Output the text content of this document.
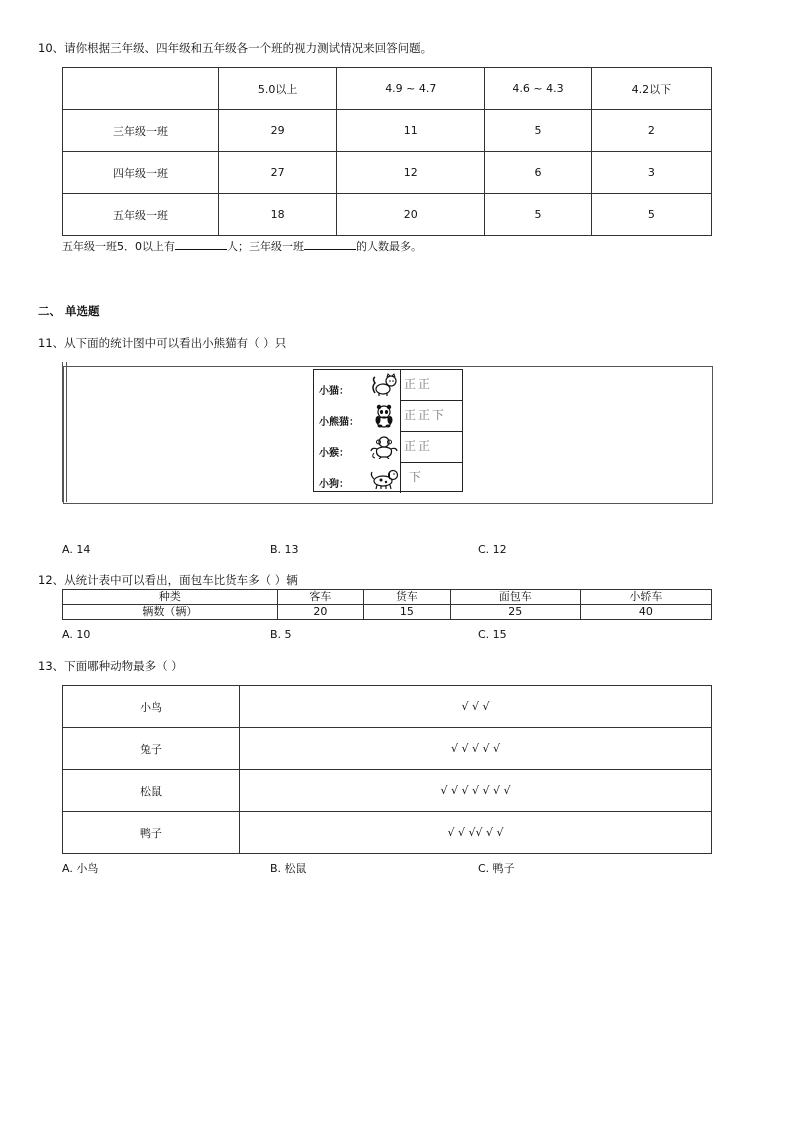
10、请你根据三年级、四年级和五年级各一个班的视力测试情况来回答问题。
	5.0以上	4.9 ~ 4.7	4.6 ~ 4.3	4.2以下
三年级一班	29	11	5	2
四年级一班	27	12	6	3
五年级一班	18	20	5	5
五年级一班5．0以上有	人；三年级一班	的人数最多。
二、 单选题
11、从下面的统计图中可以看出小熊猫有（ ）只
小猫：
正正
小熊猫：
正正下
小猴：
正正
小狗：
下
A. 14	B. 13	C. 12
12、从统计表中可以看出，面包车比货车多（ ）辆
种类	客车	货车	面包车	小轿车
辆数（辆）	20	15	25	40
A. 10	B. 5	C. 15
13、下面哪种动物最多（ ）
小鸟	√ √ √
兔子	√ √ √ √ √
松鼠	√ √ √ √ √ √ √
鸭子	√ √ √√ √ √
A. 小鸟	B. 松鼠	C. 鸭子
